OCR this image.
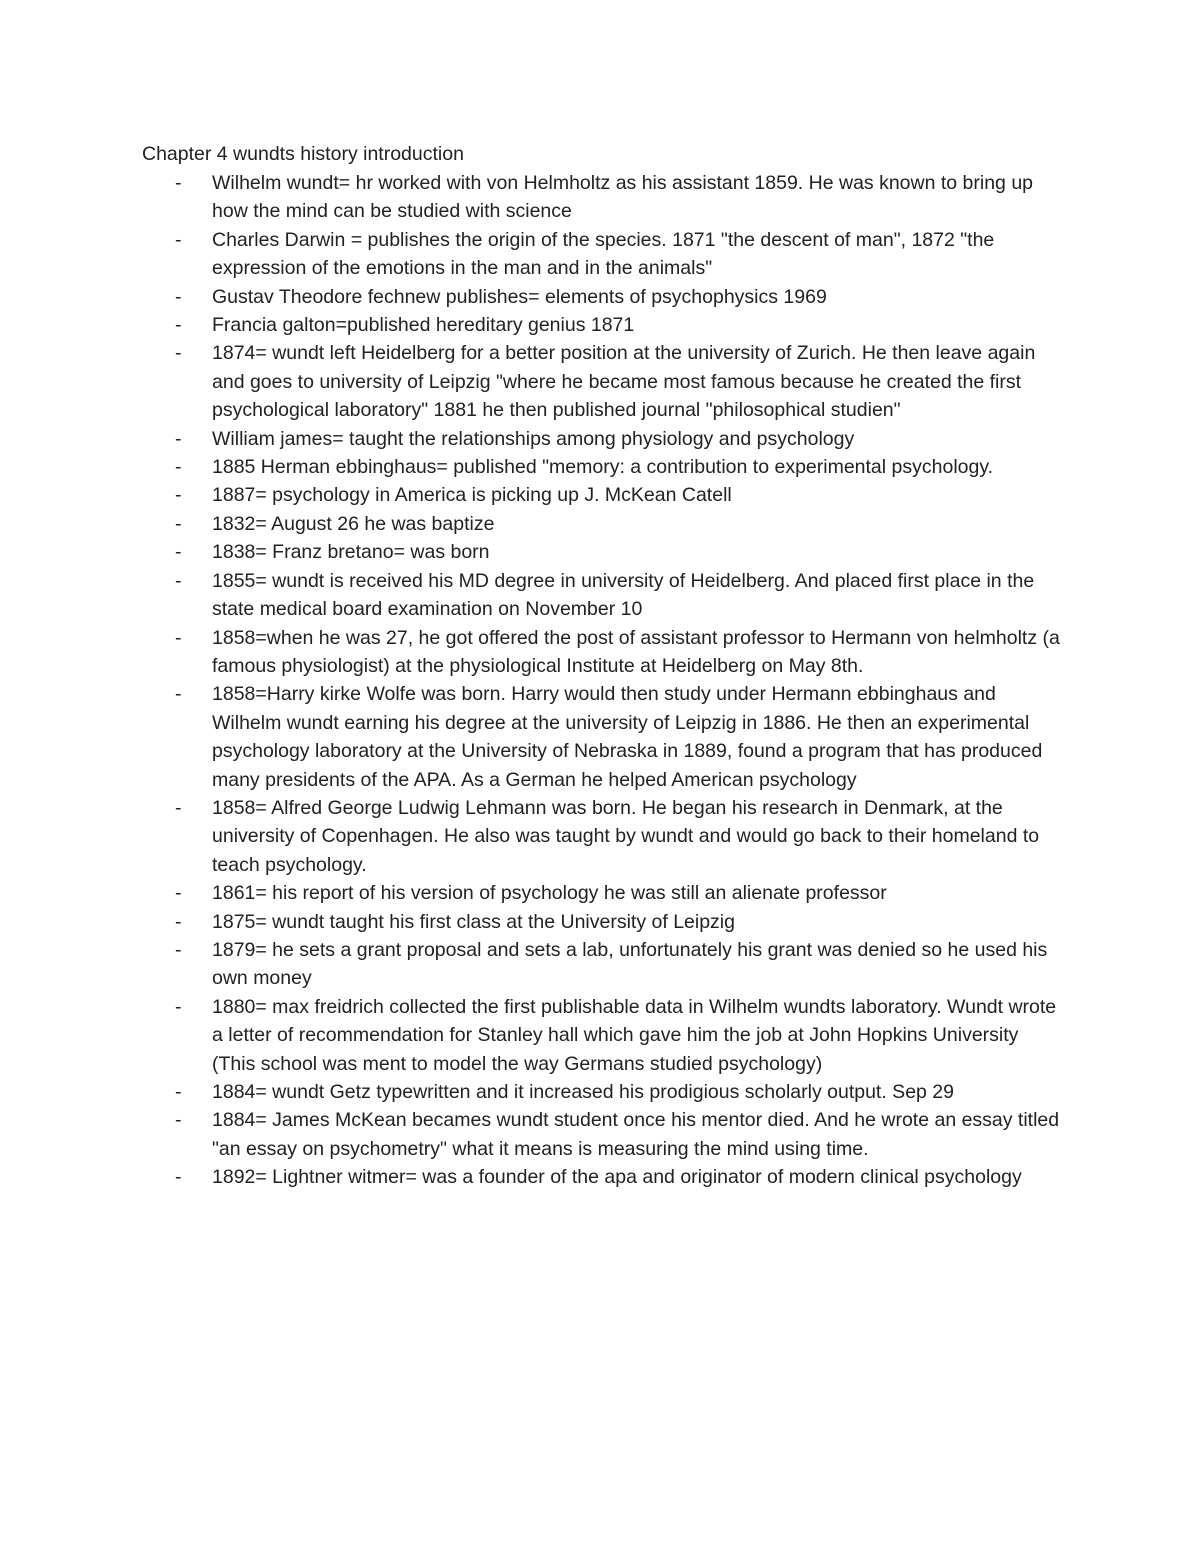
Chapter 4 wundts history introduction
- Wilhelm wundt= hr worked with von Helmholtz as his assistant 1859. He was known to bring up how the mind can be studied with science
- Charles Darwin = publishes the origin of the species. 1871 "the descent of man", 1872 "the expression of the emotions in the man and in the animals"
- Gustav Theodore fechnew publishes= elements of psychophysics 1969
- Francia galton=published hereditary genius 1871
- 1874= wundt left Heidelberg for a better position at the university of Zurich. He then leave again and goes to university of Leipzig "where he became most famous because he created the first psychological laboratory" 1881 he then published journal "philosophical studien"
- William james= taught the relationships among physiology and psychology
- 1885 Herman ebbinghaus= published "memory: a contribution to experimental psychology.
- 1887= psychology in America is picking up J. McKean Catell
- 1832= August 26 he was baptize
- 1838= Franz bretano= was born
- 1855= wundt is received his MD degree in university of Heidelberg. And placed first place in the state medical board examination on November 10
- 1858=when he was 27, he got offered the post of assistant professor to Hermann von helmholtz (a famous physiologist) at the physiological Institute at Heidelberg on May 8th.
- 1858=Harry kirke Wolfe was born. Harry would then study under Hermann ebbinghaus and Wilhelm wundt earning his degree at the university of Leipzig in 1886. He then an experimental psychology laboratory at the University of Nebraska in 1889, found a program that has produced many presidents of the APA. As a German he helped American psychology
- 1858= Alfred George Ludwig Lehmann was born. He began his research in Denmark, at the university of Copenhagen. He also was taught by wundt and would go back to their homeland to teach psychology.
- 1861= his report of his version of psychology he was still an alienate professor
- 1875= wundt taught his first class at the University of Leipzig
- 1879= he sets a grant proposal and sets a lab, unfortunately his grant was denied so he used his own money
- 1880= max freidrich collected the first publishable data in Wilhelm wundts laboratory. Wundt wrote a letter of recommendation for Stanley hall which gave him the job at John Hopkins University (This school was ment to model the way Germans studied psychology)
- 1884= wundt Getz typewritten and it increased his prodigious scholarly output. Sep 29
- 1884= James McKean becames wundt student once his mentor died. And he wrote an essay titled "an essay on psychometry" what it means is measuring the mind using time.
- 1892= Lightner witmer= was a founder of the apa and originator of modern clinical psychology
